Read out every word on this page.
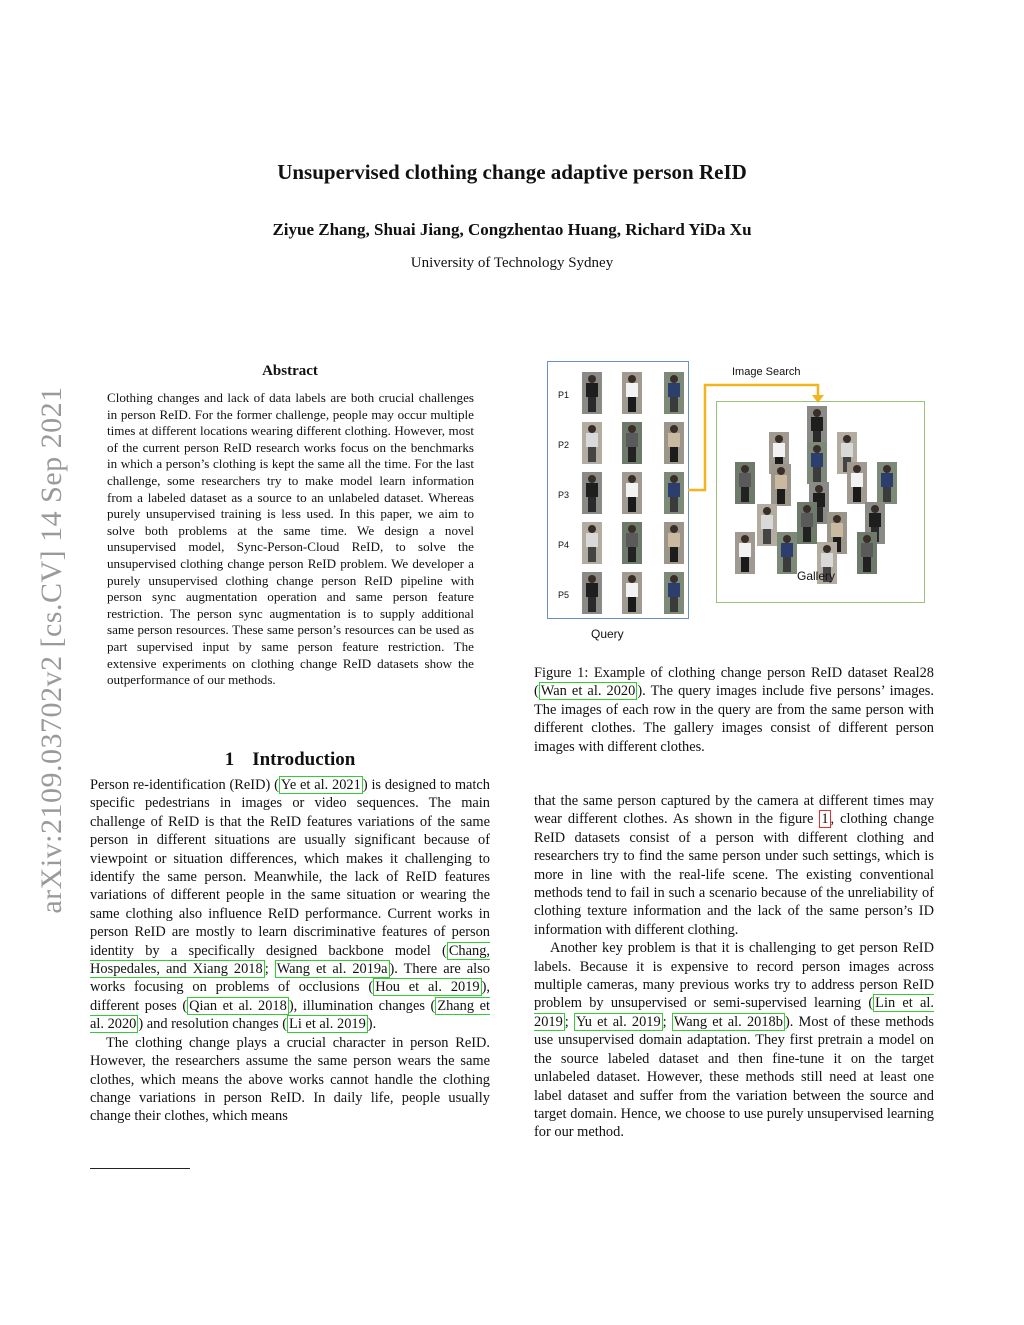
Unsupervised clothing change adaptive person ReID
Ziyue Zhang, Shuai Jiang, Congzhentao Huang, Richard YiDa Xu
University of Technology Sydney
arXiv:2109.03702v2 [cs.CV] 14 Sep 2021
Abstract
Clothing changes and lack of data labels are both crucial challenges in person ReID. For the former challenge, people may occur multiple times at different locations wearing different clothing. However, most of the current person ReID research works focus on the benchmarks in which a person’s clothing is kept the same all the time. For the last challenge, some researchers try to make model learn information from a labeled dataset as a source to an unlabeled dataset. Whereas purely unsupervised training is less used. In this paper, we aim to solve both problems at the same time. We design a novel unsupervised model, Sync-Person-Cloud ReID, to solve the unsupervised clothing change person ReID problem. We developer a purely unsupervised clothing change person ReID pipeline with person sync augmentation operation and same person feature restriction. The person sync augmentation is to supply additional same person resources. These same person’s resources can be used as part supervised input by same person feature restriction. The extensive experiments on clothing change ReID datasets show the outperformance of our methods.
1 Introduction

Person re-identification (ReID) ( Ye et al. 2021 ) is designed to match specific pedestrians in images or video sequences. The main challenge of ReID is that the ReID features variations of the same person in different situations are usually significant because of viewpoint or situation differences, which makes it challenging to identify the same person. Meanwhile, the lack of ReID features variations of different people in the same situation or wearing the same clothing also influence ReID performance. Current works in person ReID are mostly to learn discriminative features of person identity by a specifically designed backbone model ( Chang, Hospedales, and Xiang 2018 ; Wang et al. 2019a ). There are also works focusing on problems of occlusions ( Hou et al. 2019 ), different poses ( Qian et al. 2018 ), illumination changes ( Zhang et al. 2020 ) and resolution changes ( Li et al. 2019 ).

The clothing change plays a crucial character in person ReID. However, the researchers assume the same person wears the same clothes, which means the above works cannot handle the clothing change variations in person ReID. In daily life, people usually change their clothes, which means

P1
P2
P3
P4
P5
Query
Image Search
Gallery
Figure 1: Example of clothing change person ReID dataset Real28 ( Wan et al. 2020 ). The query images include five persons’ images. The images of each row in the query are from the same person with different clothes. The gallery images consist of different person images with different clothes.

that the same person captured by the camera at different times may wear different clothes. As shown in the figure 1 , clothing change ReID datasets consist of a person with different clothing and researchers try to find the same person under such settings, which is more in line with the real-life scene. The existing conventional methods tend to fail in such a scenario because of the unreliability of clothing texture information and the lack of the same person’s ID information with different clothing.

Another key problem is that it is challenging to get person ReID labels. Because it is expensive to record person images across multiple cameras, many previous works try to address person ReID problem by unsupervised or semi-supervised learning ( Lin et al. 2019 ; Yu et al. 2019 ; Wang et al. 2018b ). Most of these methods use unsupervised domain adaptation. They first pretrain a model on the source labeled dataset and then fine-tune it on the target unlabeled dataset. However, these methods still need at least one label dataset and suffer from the variation between the source and target domain. Hence, we choose to use purely unsupervised learning for our method.
